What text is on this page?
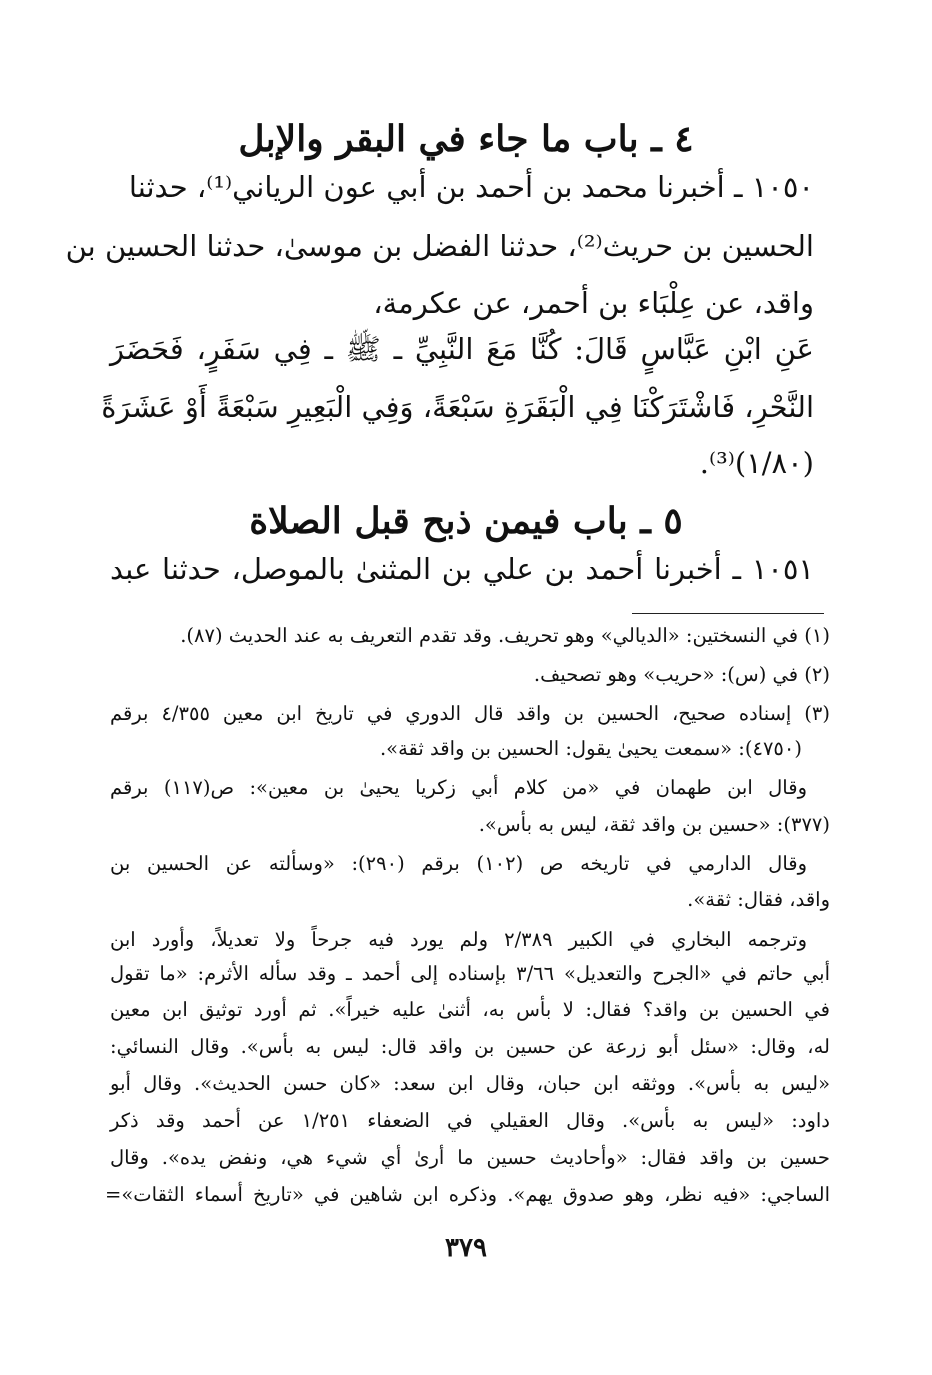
٤ ـ باب ما جاء في البقر والإبل
١٠٥٠ ـ أخبرنا محمد بن أحمد بن أبي عون الرياني⁽¹⁾، حدثنا
الحسين بن حريث⁽²⁾، حدثنا الفضل بن موسىٰ، حدثنا الحسين بن
واقد، عن عِلْبَاء بن أحمر، عن عكرمة،
عَنِ ابْنِ عَبَّاسٍ قَالَ: كُنَّا مَعَ النَّبِيِّ ـ ﷺ ـ فِي سَفَرٍ، فَحَضَرَ
النَّحْرِ، فَاشْتَرَكْنَا فِي الْبَقَرَةِ سَبْعَةً، وَفِي الْبَعِيرِ سَبْعَةً أَوْ عَشَرَةً
(١/٨٠)⁽³⁾.
٥ ـ باب فيمن ذبح قبل الصلاة
١٠٥١ ـ أخبرنا أحمد بن علي بن المثنىٰ بالموصل، حدثنا عبد
(١) في النسختين: «الديالي» وهو تحريف. وقد تقدم التعريف به عند الحديث (٨٧).
(٢) في (س): «حريب» وهو تصحيف.
(٣) إسناده صحيح، الحسين بن واقد قال الدوري في تاريخ ابن معين ٤/٣٥٥ برقم
(٤٧٥٠): «سمعت يحيىٰ يقول: الحسين بن واقد ثقة».
وقال ابن طهمان في «من كلام أبي زكريا يحيىٰ بن معين»: ص(١١٧) برقم
(٣٧٧): «حسين بن واقد ثقة، ليس به بأس».
وقال الدارمي في تاريخه ص (١٠٢) برقم (٢٩٠): «وسألته عن الحسين بن
واقد، فقال: ثقة».
وترجمه البخاري في الكبير ٢/٣٨٩ ولم يورد فيه جرحاً ولا تعديلاً، وأورد ابن
أبي حاتم في «الجرح والتعديل» ٣/٦٦ بإسناده إلى أحمد ـ وقد سأله الأثرم: «ما تقول
في الحسين بن واقد؟ فقال: لا بأس به، أثنىٰ عليه خيراً». ثم أورد توثيق ابن معين
له، وقال: «سئل أبو زرعة عن حسين بن واقد قال: ليس به بأس». وقال النسائي:
«ليس به بأس». ووثقه ابن حبان، وقال ابن سعد: «كان حسن الحديث». وقال أبو
داود: «ليس به بأس». وقال العقيلي في الضعفاء ١/٢٥١ عن أحمد وقد ذكر
حسين بن واقد فقال: «وأحاديث حسين ما أرىٰ أي شيء هي، ونفض يده». وقال
الساجي: «فيه نظر، وهو صدوق يهم». وذكره ابن شاهين في «تاريخ أسماء الثقات»=
٣٧٩
